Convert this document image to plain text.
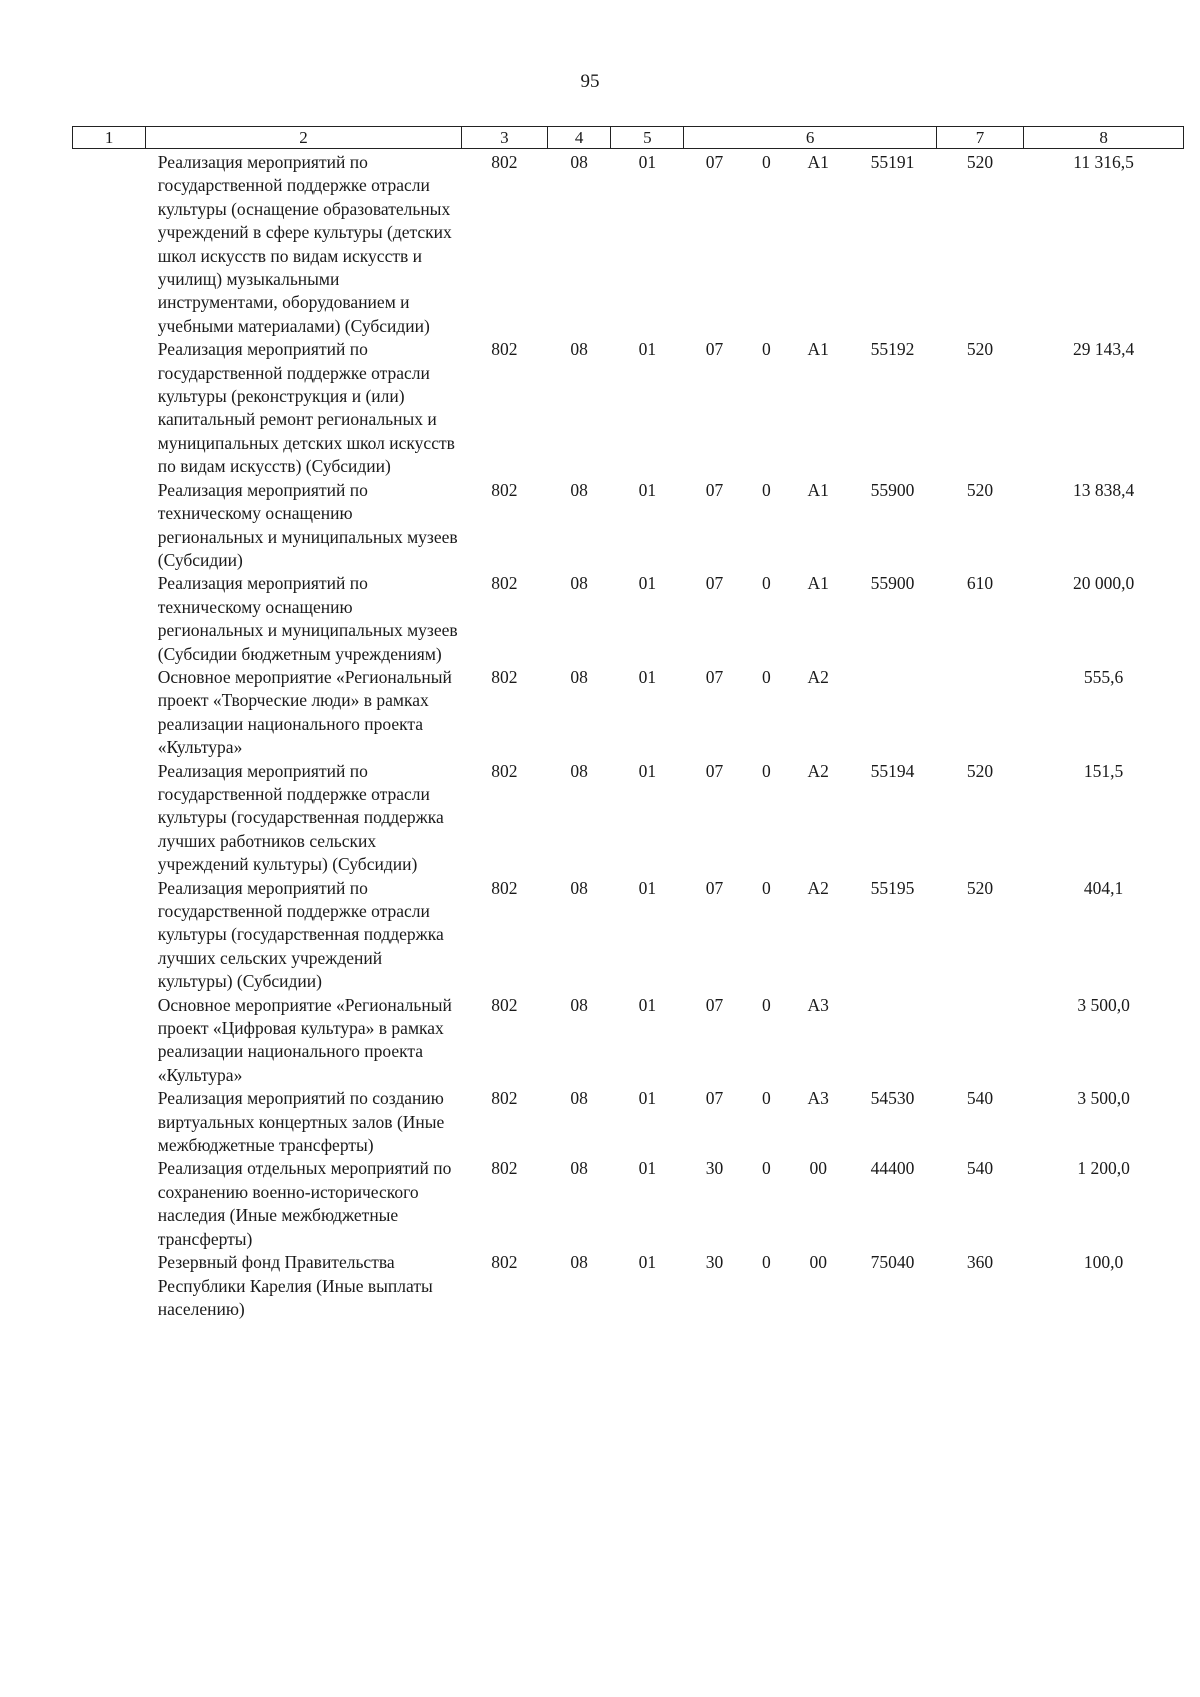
95
1	2	3	4	5	6				7	8
	Реализация мероприятий по государственной поддержке отрасли культуры (оснащение образовательных учреждений в сфере культуры (детских школ искусств по видам искусств и училищ) музыкальными инструментами, оборудованием и учебными материалами) (Субсидии)	802	08	01	07	0	A1	55191	520	11 316,5
	Реализация мероприятий по государственной поддержке отрасли культуры (реконструкция и (или) капитальный ремонт региональных и муниципальных детских школ искусств по видам искусств) (Субсидии)	802	08	01	07	0	A1	55192	520	29 143,4
	Реализация мероприятий по техническому оснащению региональных и муниципальных музеев (Субсидии)	802	08	01	07	0	A1	55900	520	13 838,4
	Реализация мероприятий по техническому оснащению региональных и муниципальных музеев (Субсидии бюджетным учреждениям)	802	08	01	07	0	A1	55900	610	20 000,0
	Основное мероприятие «Региональный проект «Творческие люди» в рамках реализации национального проекта «Культура»	802	08	01	07	0	A2			555,6
	Реализация мероприятий по государственной поддержке отрасли культуры (государственная поддержка лучших работников сельских учреждений культуры) (Субсидии)	802	08	01	07	0	A2	55194	520	151,5
	Реализация мероприятий по государственной поддержке отрасли культуры (государственная поддержка лучших сельских учреждений культуры) (Субсидии)	802	08	01	07	0	A2	55195	520	404,1
	Основное мероприятие «Региональный проект «Цифровая культура» в рамках реализации национального проекта «Культура»	802	08	01	07	0	A3			3 500,0
	Реализация мероприятий по созданию виртуальных концертных залов (Иные межбюджетные трансферты)	802	08	01	07	0	A3	54530	540	3 500,0
	Реализация отдельных мероприятий по сохранению военно-исторического наследия (Иные межбюджетные трансферты)	802	08	01	30	0	00	44400	540	1 200,0
	Резервный фонд Правительства Республики Карелия (Иные выплаты населению)	802	08	01	30	0	00	75040	360	100,0
